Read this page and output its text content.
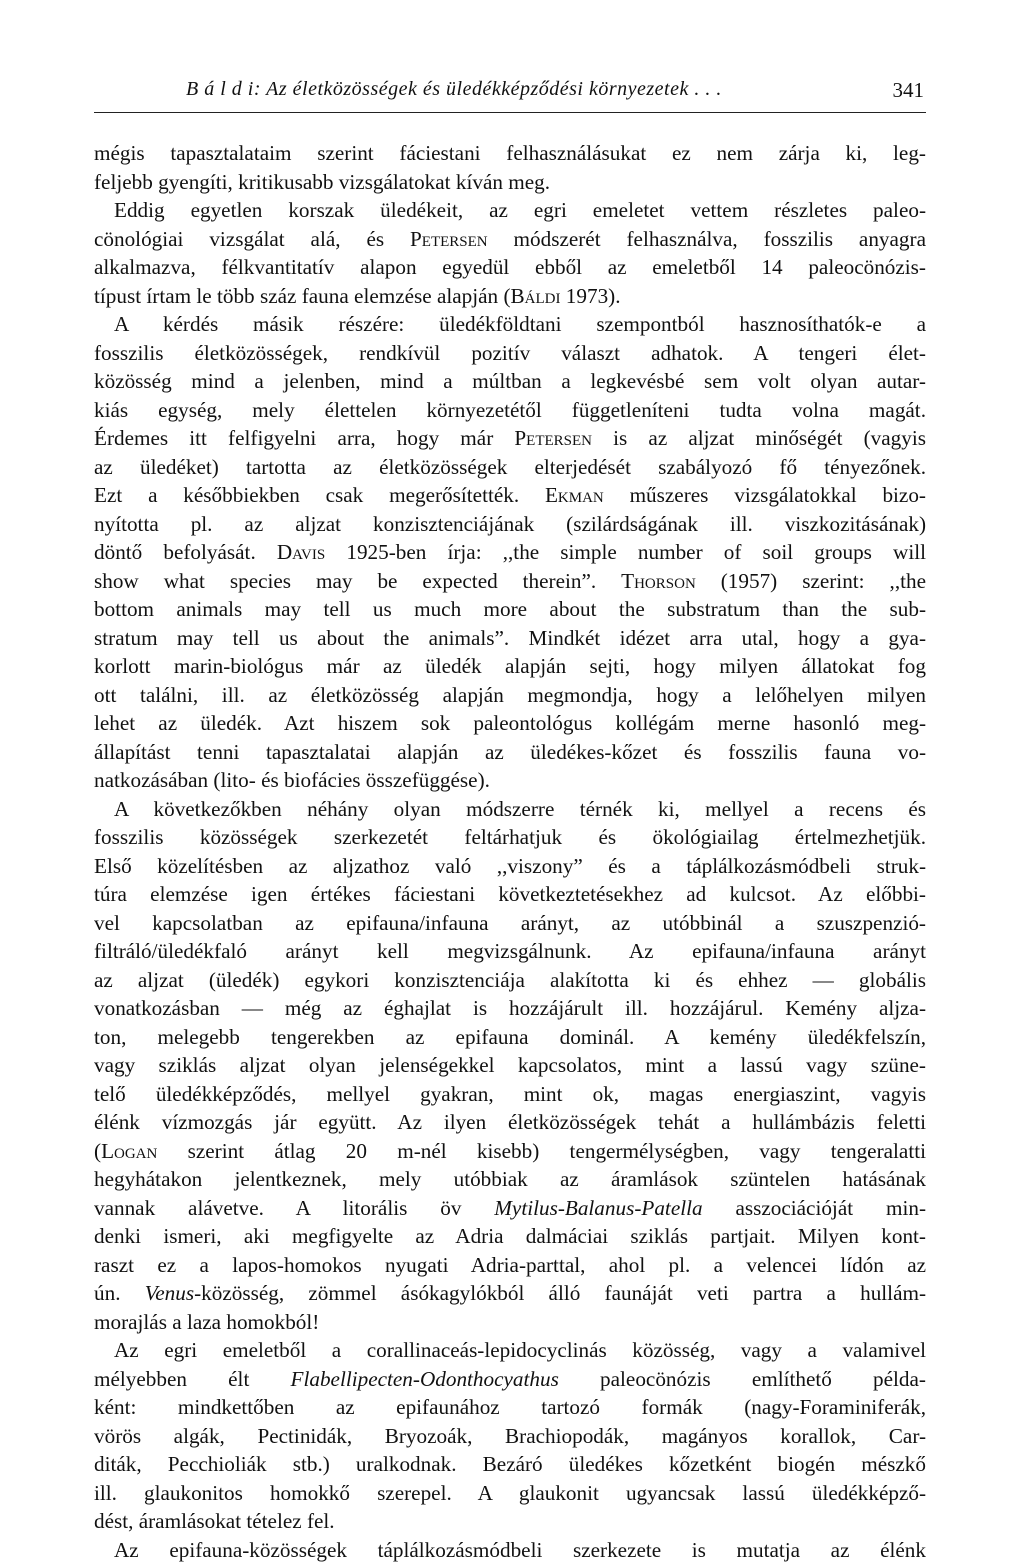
B á l d i: Az életközösségek és üledékképződési környezetek . . .	341
mégis tapasztalataim szerint fáciestani felhasználásukat ez nem zárja ki, leg-
feljebb gyengíti, kritikusabb vizsgálatokat kíván meg.
Eddig egyetlen korszak üledékeit, az egri emeletet vettem részletes paleo-
cönológiai vizsgálat alá, és Petersen módszerét felhasználva, fosszilis anyagra
alkalmazva, félkvantitatív alapon egyedül ebből az emeletből 14 paleocönózis-
típust írtam le több száz fauna elemzése alapján (Báldi 1973).
A kérdés másik részére: üledékföldtani szempontból hasznosíthatók-e a
fosszilis életközösségek, rendkívül pozitív választ adhatok. A tengeri élet-
közösség mind a jelenben, mind a múltban a legkevésbé sem volt olyan autar-
kiás egység, mely élettelen környezetétől függetleníteni tudta volna magát.
Érdemes itt felfigyelni arra, hogy már Petersen is az aljzat minőségét (vagyis
az üledéket) tartotta az életközösségek elterjedését szabályozó fő tényezőnek.
Ezt a későbbiekben csak megerősítették. Ekman műszeres vizsgálatokkal bizo-
nyította pl. az aljzat konzisztenciájának (szilárdságának ill. viszkozitásának)
döntő befolyását. Davis 1925-ben írja: ,,the simple number of soil groups will
show what species may be expected therein”. Thorson (1957) szerint: ,,the
bottom animals may tell us much more about the substratum than the sub-
stratum may tell us about the animals”. Mindkét idézet arra utal, hogy a gya-
korlott marin-biológus már az üledék alapján sejti, hogy milyen állatokat fog
ott találni, ill. az életközösség alapján megmondja, hogy a lelőhelyen milyen
lehet az üledék. Azt hiszem sok paleontológus kollégám merne hasonló meg-
állapítást tenni tapasztalatai alapján az üledékes-kőzet és fosszilis fauna vo-
natkozásában (lito- és biofácies összefüggése).
A következőkben néhány olyan módszerre térnék ki, mellyel a recens és
fosszilis közösségek szerkezetét feltárhatjuk és ökológiailag értelmezhetjük.
Első közelítésben az aljzathoz való ,,viszony” és a táplálkozásmódbeli struk-
túra elemzése igen értékes fáciestani következtetésekhez ad kulcsot. Az előbbi-
vel kapcsolatban az epifauna/infauna arányt, az utóbbinál a szuszpenzió-
filtráló/üledékfaló arányt kell megvizsgálnunk. Az epifauna/infauna arányt
az aljzat (üledék) egykori konzisztenciája alakította ki és ehhez — globális
vonatkozásban — még az éghajlat is hozzájárult ill. hozzájárul. Kemény aljza-
ton, melegebb tengerekben az epifauna dominál. A kemény üledékfelszín,
vagy sziklás aljzat olyan jelenségekkel kapcsolatos, mint a lassú vagy szüne-
telő üledékképződés, mellyel gyakran, mint ok, magas energiaszint, vagyis
élénk vízmozgás jár együtt. Az ilyen életközösségek tehát a hullámbázis feletti
(Logan szerint átlag 20 m-nél kisebb) tengermélységben, vagy tengeralatti
hegyhátakon jelentkeznek, mely utóbbiak az áramlások szüntelen hatásának
vannak alávetve. A litorális öv Mytilus-Balanus-Patella asszociációját min-
denki ismeri, aki megfigyelte az Adria dalmáciai sziklás partjait. Milyen kont-
raszt ez a lapos-homokos nyugati Adria-parttal, ahol pl. a velencei lídón az
ún. Venus-közösség, zömmel ásókagylókból álló faunáját veti partra a hullám-
morajlás a laza homokból!
Az egri emeletből a corallinaceás-lepidocyclinás közösség, vagy a valamivel
mélyebben élt Flabellipecten-Odonthocyathus paleocönózis említhető példa-
ként: mindkettőben az epifaunához tartozó formák (nagy-Foraminiferák,
vörös algák, Pectinidák, Bryozoák, Brachiopodák, magányos korallok, Car-
diták, Pecchioliák stb.) uralkodnak. Bezáró üledékes kőzetként biogén mészkő
ill. glaukonitos homokkő szerepel. A glaukonit ugyancsak lassú üledékképző-
dést, áramlásokat tételez fel.
Az epifauna-közösségek táplálkozásmódbeli szerkezete is mutatja az élénk
